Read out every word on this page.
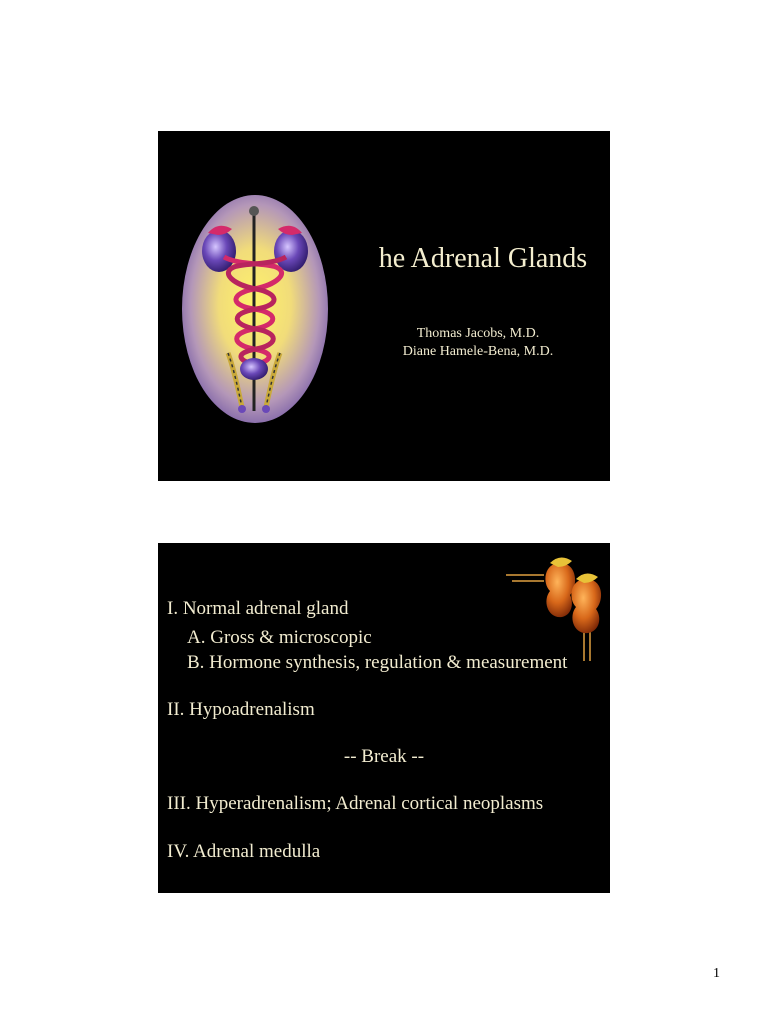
he Adrenal Glands
Thomas Jacobs, M.D.
Diane Hamele-Bena, M.D.
I. Normal adrenal gland
A. Gross & microscopic
B. Hormone synthesis, regulation & measurement
II. Hypoadrenalism
-- Break --
III. Hyperadrenalism; Adrenal cortical neoplasms
IV. Adrenal medulla
1
